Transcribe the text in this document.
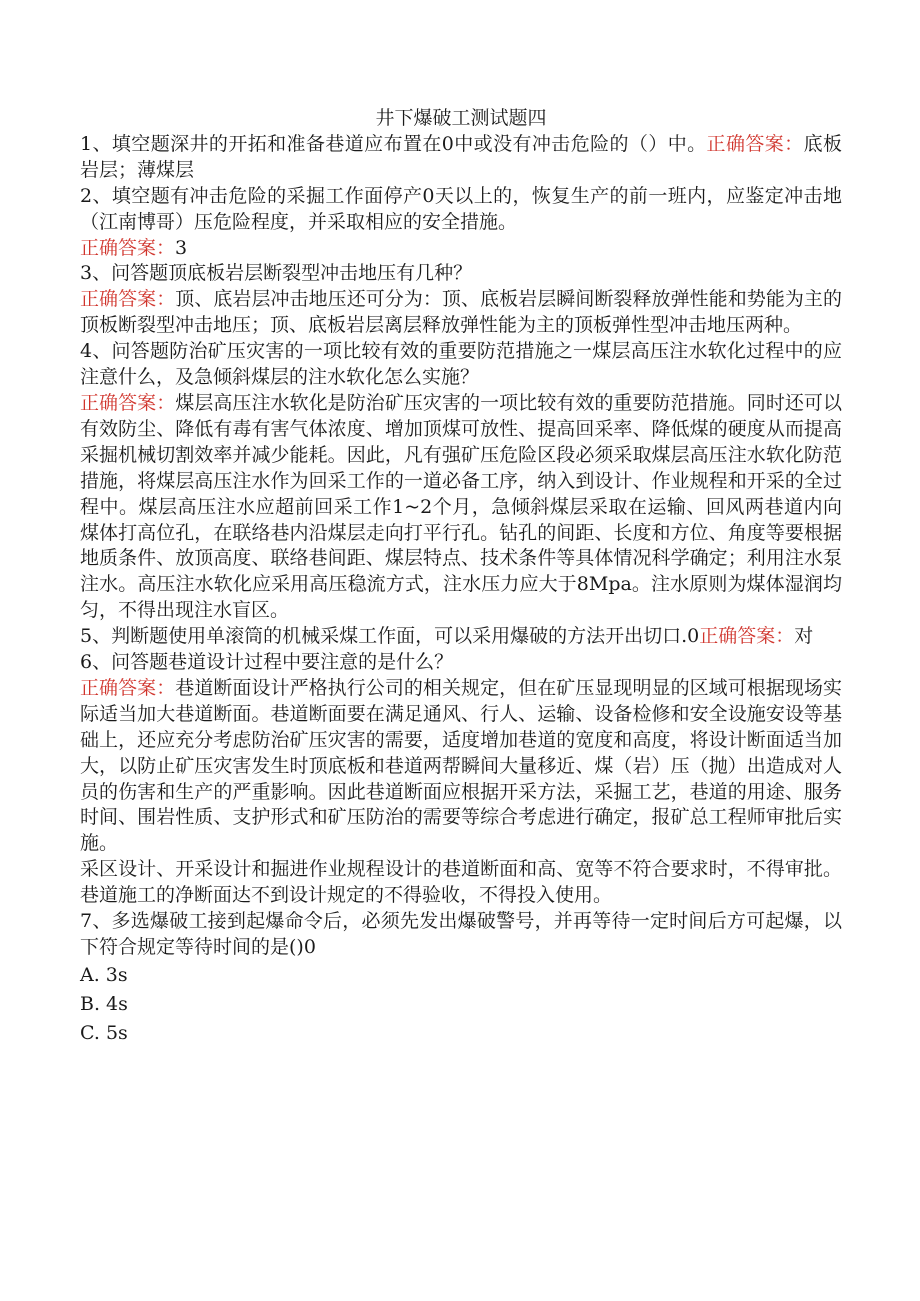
井下爆破工测试题四

1、填空题深井的开拓和准备巷道应布置在0中或没有冲击危险的（）中。正确答案：底板岩层；薄煤层

2、填空题有冲击危险的采掘工作面停产0天以上的，恢复生产的前一班内，应鉴定冲击地（江南博哥）压危险程度，并采取相应的安全措施。

正确答案：3

3、问答题顶底板岩层断裂型冲击地压有几种？

正确答案：顶、底岩层冲击地压还可分为：顶、底板岩层瞬间断裂释放弹性能和势能为主的顶板断裂型冲击地压；顶、底板岩层离层释放弹性能为主的顶板弹性型冲击地压两种。

4、问答题防治矿压灾害的一项比较有效的重要防范措施之一煤层高压注水软化过程中的应注意什么，及急倾斜煤层的注水软化怎么实施？

正确答案：煤层高压注水软化是防治矿压灾害的一项比较有效的重要防范措施。同时还可以有效防尘、降低有毒有害气体浓度、增加顶煤可放性、提高回采率、降低煤的硬度从而提高采掘机械切割效率并减少能耗。因此，凡有强矿压危险区段必须采取煤层高压注水软化防范措施，将煤层高压注水作为回采工作的一道必备工序，纳入到设计、作业规程和开采的全过程中。煤层高压注水应超前回采工作1~2个月，急倾斜煤层采取在运输、回风两巷道内向煤体打高位孔，在联络巷内沿煤层走向打平行孔。钻孔的间距、长度和方位、角度等要根据地质条件、放顶高度、联络巷间距、煤层特点、技术条件等具体情况科学确定；利用注水泵注水。高压注水软化应采用高压稳流方式，注水压力应大于8Mpa。注水原则为煤体湿润均匀，不得出现注水盲区。

5、判断题使用单滚筒的机械采煤工作面，可以采用爆破的方法开出切口.0正确答案：对

6、问答题巷道设计过程中要注意的是什么？

正确答案：巷道断面设计严格执行公司的相关规定，但在矿压显现明显的区域可根据现场实际适当加大巷道断面。巷道断面要在满足通风、行人、运输、设备检修和安全设施安设等基础上，还应充分考虑防治矿压灾害的需要，适度增加巷道的宽度和高度，将设计断面适当加大，以防止矿压灾害发生时顶底板和巷道两帮瞬间大量移近、煤（岩）压（抛）出造成对人员的伤害和生产的严重影响。因此巷道断面应根据开采方法，采掘工艺，巷道的用途、服务时间、围岩性质、支护形式和矿压防治的需要等综合考虑进行确定，报矿总工程师审批后实施。

采区设计、开采设计和掘进作业规程设计的巷道断面和高、宽等不符合要求时，不得审批。巷道施工的净断面达不到设计规定的不得验收，不得投入使用。

7、多选爆破工接到起爆命令后，必须先发出爆破警号，并再等待一定时间后方可起爆，以下符合规定等待时间的是()0

A. 3s
B. 4s
C. 5s
